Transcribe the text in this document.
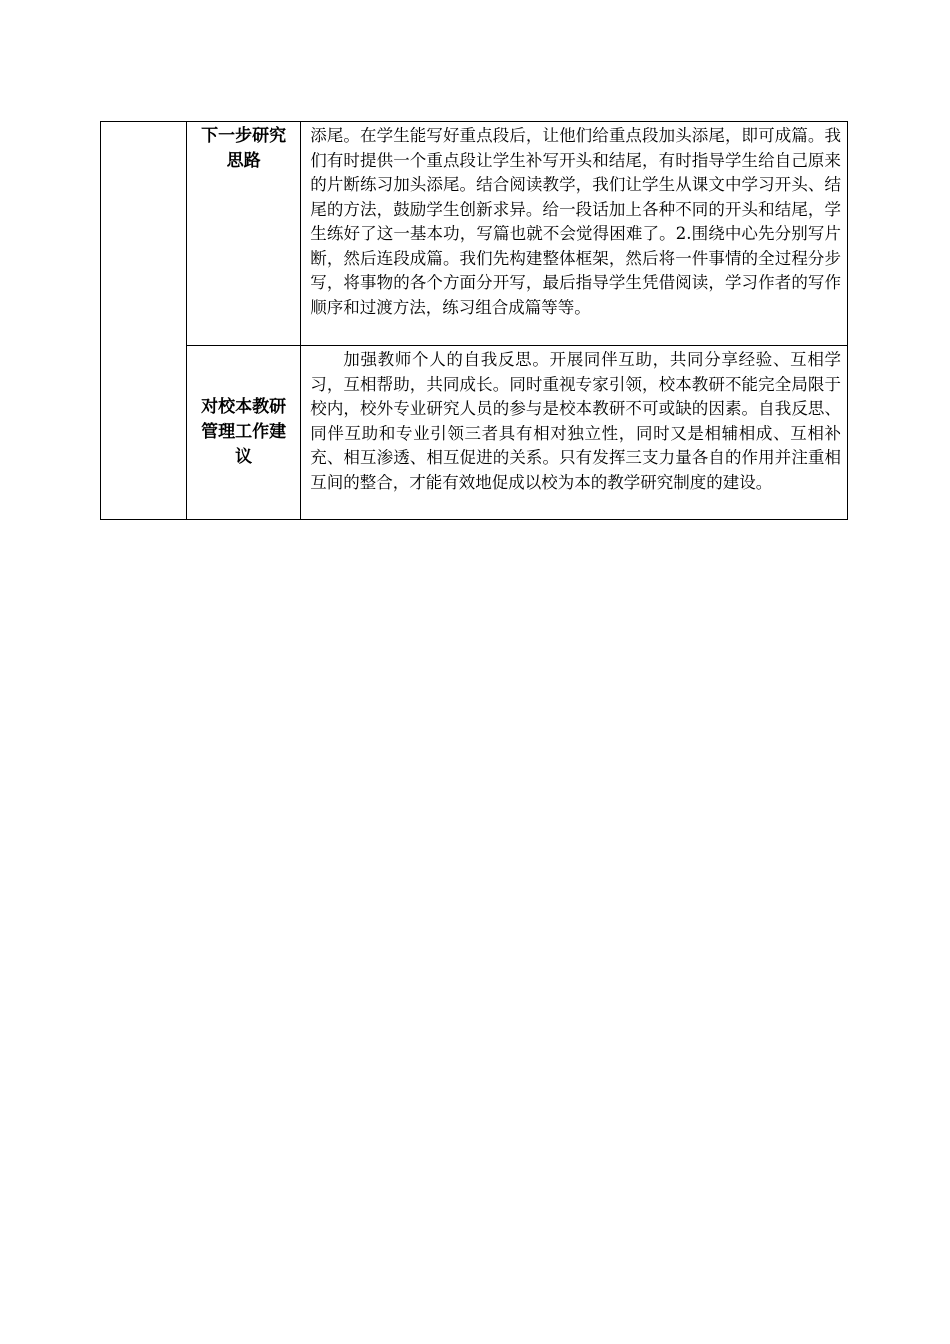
	下一步研究思路	添尾。在学生能写好重点段后，让他们给重点段加头添尾，即可成篇。我们有时提供一个重点段让学生补写开头和结尾，有时指导学生给自己原来的片断练习加头添尾。结合阅读教学，我们让学生从课文中学习开头、结尾的方法，鼓励学生创新求异。给一段话加上各种不同的开头和结尾，学生练好了这一基本功，写篇也就不会觉得困难了。2.围绕中心先分别写片断，然后连段成篇。我们先构建整体框架，然后将一件事情的全过程分步写，将事物的各个方面分开写，最后指导学生凭借阅读，学习作者的写作顺序和过渡方法，练习组合成篇等等。
	对校本教研管理工作建议	加强教师个人的自我反思。开展同伴互助，共同分享经验、互相学习，互相帮助，共同成长。同时重视专家引领，校本教研不能完全局限于校内，校外专业研究人员的参与是校本教研不可或缺的因素。自我反思、同伴互助和专业引领三者具有相对独立性，同时又是相辅相成、互相补充、相互渗透、相互促进的关系。只有发挥三支力量各自的作用并注重相互间的整合，才能有效地促成以校为本的教学研究制度的建设。
